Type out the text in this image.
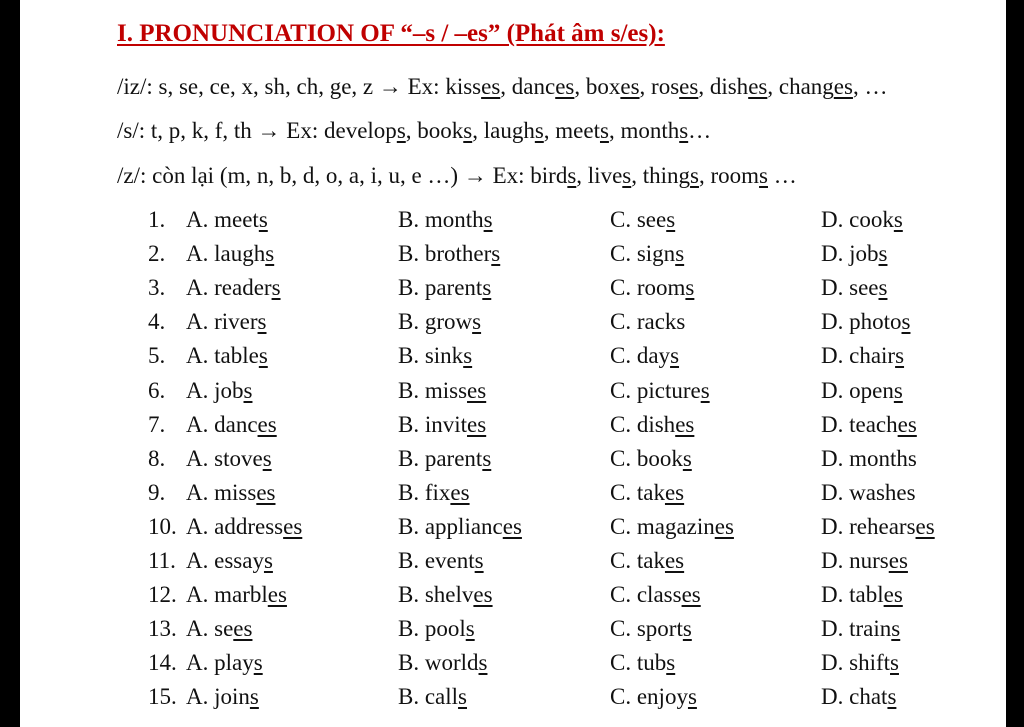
I. PRONUNCIATION OF “–s / –es” (Phát âm s/es):
/iz/: s, se, ce, x, sh, ch, ge, z → Ex: kisses, dances, boxes, roses, dishes, changes, …
/s/: t, p, k, f, th → Ex: develops, books, laughs, meets, months…
/z/: còn lại (m, n, b, d, o, a, i, u, e …) → Ex: birds, lives, things, rooms …
1. A. meets	B. months	C. sees	D. cooks
2. A. laughs	B. brothers	C. signs	D. jobs
3. A. readers	B. parents	C. rooms	D. sees
4. A. rivers	B. grows	C. racks	D. photos
5. A. tables	B. sinks	C. days	D. chairs
6. A. jobs	B. misses	C. pictures	D. opens
7. A. dances	B. invites	C. dishes	D. teaches
8. A. stoves	B. parents	C. books	D. months
9. A. misses	B. fixes	C. takes	D. washes
10. A. addresses	B. appliances	C. magazines	D. rehearses
11. A. essays	B. events	C. takes	D. nurses
12. A. marbles	B. shelves	C. classes	D. tables
13. A. sees	B. pools	C. sports	D. trains
14. A. plays	B. worlds	C. tubs	D. shifts
15. A. joins	B. calls	C. enjoys	D. chats
